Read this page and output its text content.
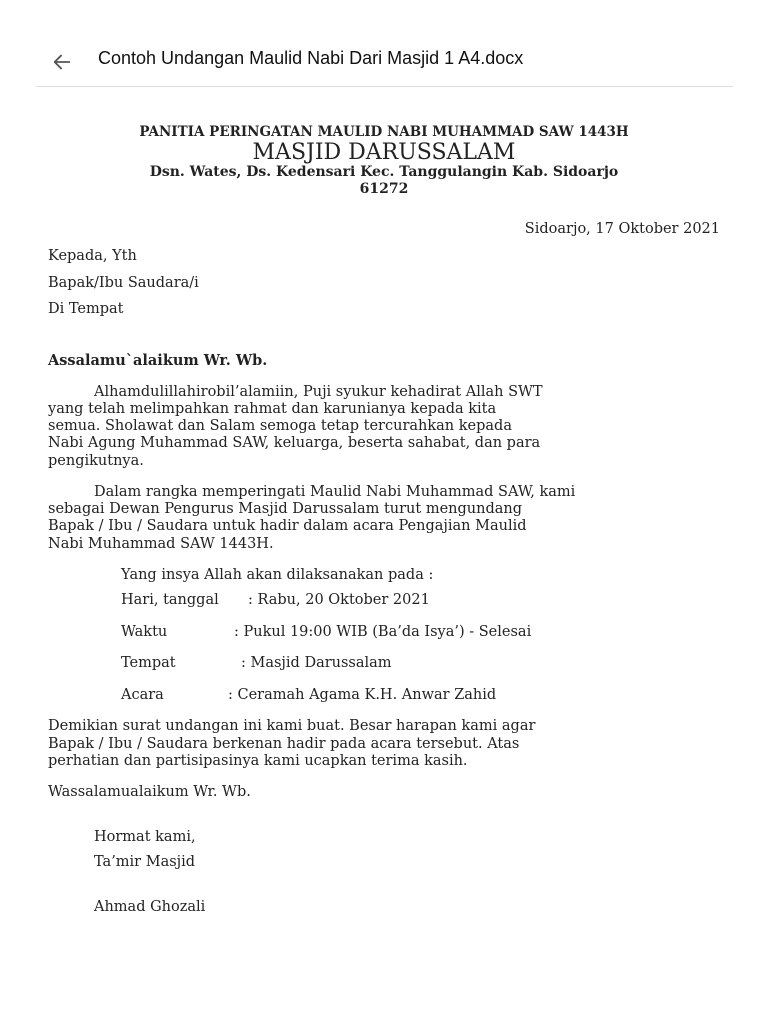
Contoh Undangan Maulid Nabi Dari Masjid 1 A4.docx
PANITIA PERINGATAN MAULID NABI MUHAMMAD SAW 1443H
MASJID DARUSSALAM
Dsn. Wates, Ds. Kedensari Kec. Tanggulangin Kab. Sidoarjo
61272
Sidoarjo, 17 Oktober 2021
Kepada, Yth
Bapak/Ibu Saudara/i
Di Tempat
Assalamu`alaikum Wr. Wb.
Alhamdulillahirobil’alamiin, Puji syukur kehadirat Allah SWT
yang telah melimpahkan rahmat dan karunianya kepada kita
semua. Sholawat dan Salam semoga tetap tercurahkan kepada
Nabi Agung Muhammad SAW, keluarga, beserta sahabat, dan para
pengikutnya.
Dalam rangka memperingati Maulid Nabi Muhammad SAW, kami
sebagai Dewan Pengurus Masjid Darussalam turut mengundang
Bapak / Ibu / Saudara untuk hadir dalam acara Pengajian Maulid
Nabi Muhammad SAW 1443H.
Yang insya Allah akan dilaksanakan pada :
Hari, tanggal : Rabu, 20 Oktober 2021
Waktu	: Pukul 19:00 WIB (Ba’da Isya’) - Selesai
Tempat	: Masjid Darussalam
Acara	: Ceramah Agama K.H. Anwar Zahid
Demikian surat undangan ini kami buat. Besar harapan kami agar
Bapak / Ibu / Saudara berkenan hadir pada acara tersebut. Atas
perhatian dan partisipasinya kami ucapkan terima kasih.
Wassalamualaikum Wr. Wb.
Hormat kami,
Ta’mir Masjid
Ahmad Ghozali
